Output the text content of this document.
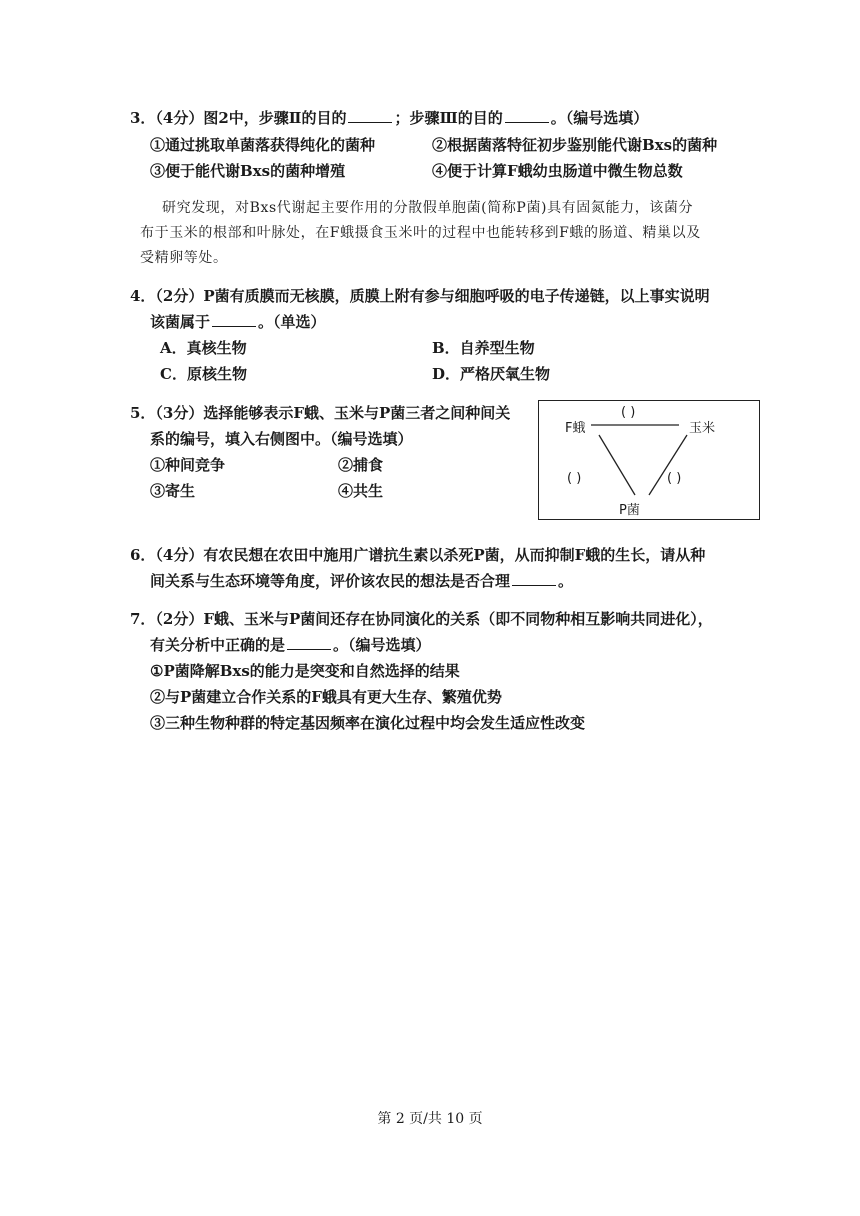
3．（4分）图2中，步骤Ⅱ的目的	；步骤Ⅲ的目的	。（编号选填）
①通过挑取单菌落获得纯化的菌种	②根据菌落特征初步鉴别能代谢Bxs的菌种
③便于能代谢Bxs的菌种增殖	④便于计算F蛾幼虫肠道中微生物总数
研究发现，对Bxs代谢起主要作用的分散假单胞菌(简称P菌)具有固氮能力，该菌分
布于玉米的根部和叶脉处，在F蛾摄食玉米叶的过程中也能转移到F蛾的肠道、精巢以及
受精卵等处。
4．（2分）P菌有质膜而无核膜，质膜上附有参与细胞呼吸的电子传递链，以上事实说明
该菌属于	。（单选）
A．真核生物	B．自养型生物
C．原核生物	D．严格厌氧生物
5．（3分）选择能够表示F蛾、玉米与P菌三者之间种间关
系的编号，填入右侧图中。（编号选填）
①种间竞争	②捕食
③寄生	④共生
F蛾	玉米
P菌
( )
( )	( )
6．（4分）有农民想在农田中施用广谱抗生素以杀死P菌，从而抑制F蛾的生长，请从种
间关系与生态环境等角度，评价该农民的想法是否合理	。
7．（2分）F蛾、玉米与P菌间还存在协同演化的关系（即不同物种相互影响共同进化），
有关分析中正确的是	。（编号选填）
①P菌降解Bxs的能力是突变和自然选择的结果
②与P菌建立合作关系的F蛾具有更大生存、繁殖优势
③三种生物种群的特定基因频率在演化过程中均会发生适应性改变
第 2 页/共 10 页
